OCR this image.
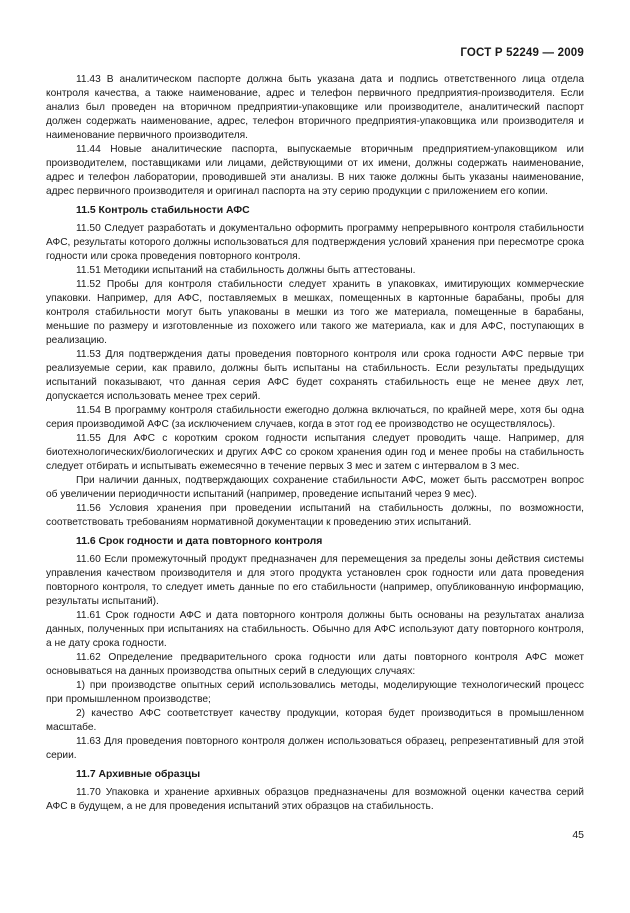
ГОСТ Р 52249 — 2009

11.43 В аналитическом паспорте должна быть указана дата и подпись ответственного лица отдела контроля качества, а также наименование, адрес и телефон первичного предприятия-производителя. Если анализ был проведен на вторичном предприятии-упаковщике или производителе, аналитический паспорт должен содержать наименование, адрес, телефон вторичного предприятия-упаковщика или производителя и наименование первичного производителя.

11.44 Новые аналитические паспорта, выпускаемые вторичным предприятием-упаковщиком или производителем, поставщиками или лицами, действующими от их имени, должны содержать наименование, адрес и телефон лаборатории, проводившей эти анализы. В них также должны быть указаны наименование, адрес первичного производителя и оригинал паспорта на эту серию продукции с приложением его копии.

11.5 Контроль стабильности АФС

11.50 Следует разработать и документально оформить программу непрерывного контроля стабильности АФС, результаты которого должны использоваться для подтверждения условий хранения при пересмотре срока годности или срока проведения повторного контроля.

11.51 Методики испытаний на стабильность должны быть аттестованы.

11.52 Пробы для контроля стабильности следует хранить в упаковках, имитирующих коммерческие упаковки. Например, для АФС, поставляемых в мешках, помещенных в картонные барабаны, пробы для контроля стабильности могут быть упакованы в мешки из того же материала, помещенные в барабаны, меньшие по размеру и изготовленные из похожего или такого же материала, как и для АФС, поступающих в реализацию.

11.53 Для подтверждения даты проведения повторного контроля или срока годности АФС первые три реализуемые серии, как правило, должны быть испытаны на стабильность. Если результаты предыдущих испытаний показывают, что данная серия АФС будет сохранять стабильность еще не менее двух лет, допускается использовать менее трех серий.

11.54 В программу контроля стабильности ежегодно должна включаться, по крайней мере, хотя бы одна серия производимой АФС (за исключением случаев, когда в этот год ее производство не осуществлялось).

11.55 Для АФС с коротким сроком годности испытания следует проводить чаще. Например, для биотехнологических/биологических и других АФС со сроком хранения один год и менее пробы на стабильность следует отбирать и испытывать ежемесячно в течение первых 3 мес и затем с интервалом в 3 мес.

При наличии данных, подтверждающих сохранение стабильности АФС, может быть рассмотрен вопрос об увеличении периодичности испытаний (например, проведение испытаний через 9 мес).

11.56 Условия хранения при проведении испытаний на стабильность должны, по возможности, соответствовать требованиям нормативной документации к проведению этих испытаний.

11.6 Срок годности и дата повторного контроля

11.60 Если промежуточный продукт предназначен для перемещения за пределы зоны действия системы управления качеством производителя и для этого продукта установлен срок годности или дата проведения повторного контроля, то следует иметь данные по его стабильности (например, опубликованную информацию, результаты испытаний).

11.61 Срок годности АФС и дата повторного контроля должны быть основаны на результатах анализа данных, полученных при испытаниях на стабильность. Обычно для АФС используют дату повторного контроля, а не дату срока годности.

11.62 Определение предварительного срока годности или даты повторного контроля АФС может основываться на данных производства опытных серий в следующих случаях:

1) при производстве опытных серий использовались методы, моделирующие технологический процесс при промышленном производстве;

2) качество АФС соответствует качеству продукции, которая будет производиться в промышленном масштабе.

11.63 Для проведения повторного контроля должен использоваться образец, репрезентативный для этой серии.

11.7 Архивные образцы

11.70 Упаковка и хранение архивных образцов предназначены для возможной оценки качества серий АФС в будущем, а не для проведения испытаний этих образцов на стабильность.

45
